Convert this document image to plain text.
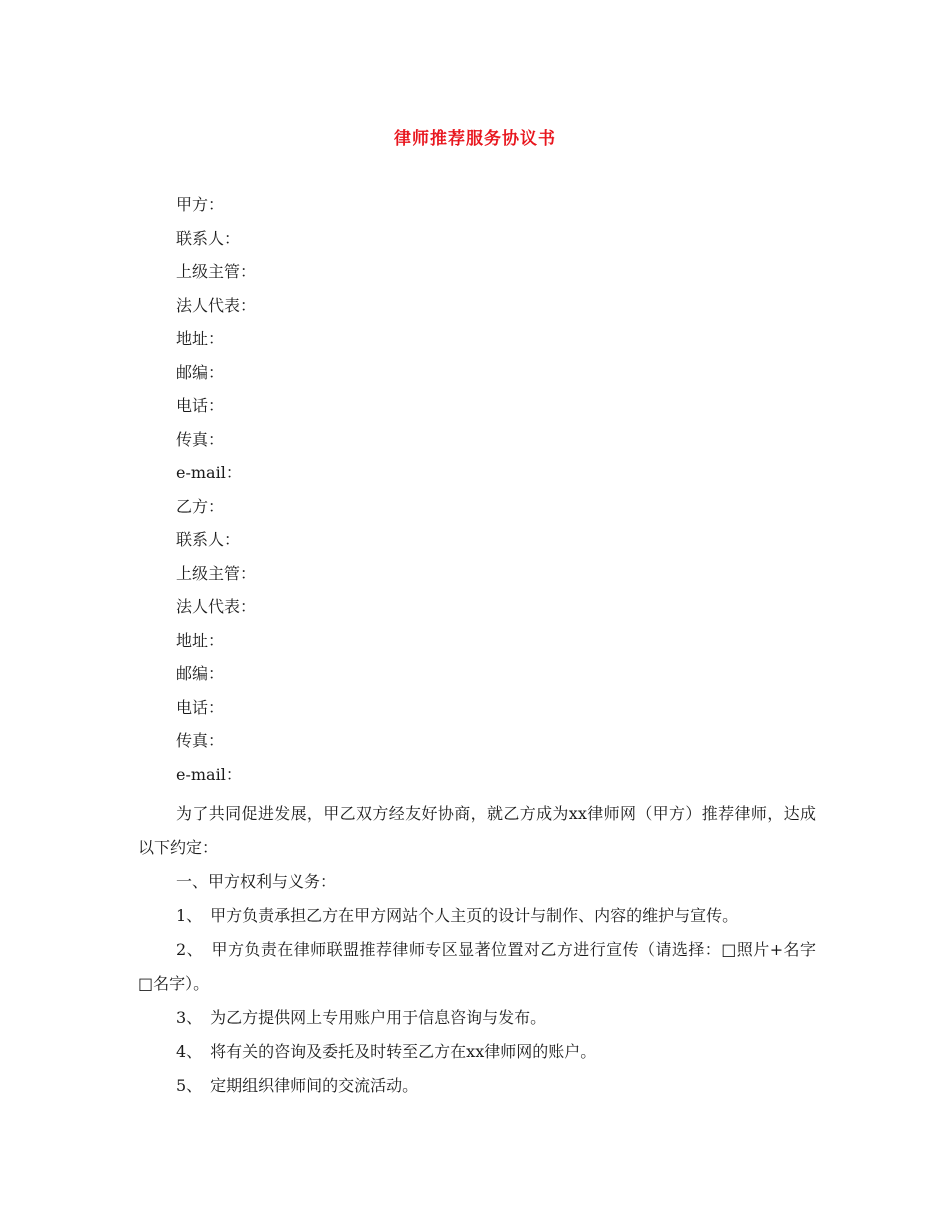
律师推荐服务协议书
甲方：
联系人：
上级主管：
法人代表：
地址：
邮编：
电话：
传真：
e-mail：
乙方：
联系人：
上级主管：
法人代表：
地址：
邮编：
电话：
传真：
e-mail：

为了共同促进发展，甲乙双方经友好协商，就乙方成为xx律师网（甲方）推荐律师，达成以下约定：

一、甲方权利与义务：

1、　甲方负责承担乙方在甲方网站个人主页的设计与制作、内容的维护与宣传。

2、　甲方负责在律师联盟推荐律师专区显著位置对乙方进行宣传（请选择：□照片+名字　□名字）。

3、　为乙方提供网上专用账户用于信息咨询与发布。

4、　将有关的咨询及委托及时转至乙方在xx律师网的账户。

5、　定期组织律师间的交流活动。
